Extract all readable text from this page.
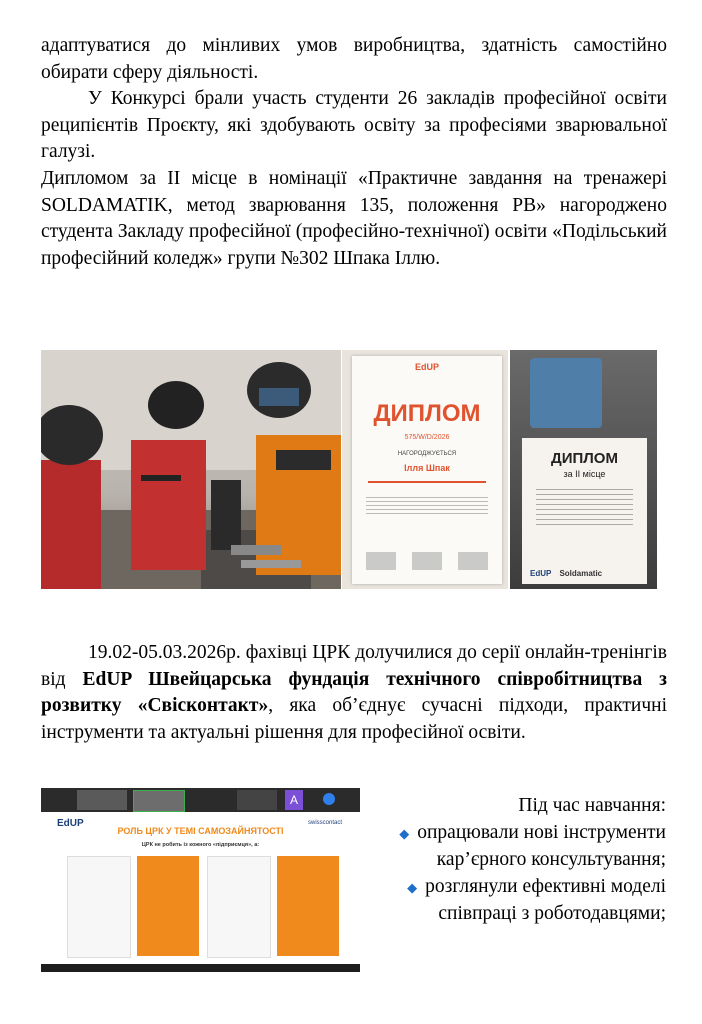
адаптуватися до мінливих умов виробництва, здатність самостійно обирати сферу діяльності.

У Конкурсі брали участь студенти 26 закладів професійної освіти реципієнтів Проєкту, які здобувають освіту за професіями зварювальної галузі.

Дипломом за ІІ місце в номінації «Практичне завдання на тренажері SOLDAMATIK, метод зварювання 135, положення PB» нагороджено студента Закладу професійної (професійно-технічної) освіти «Подільський професійний коледж» групи №302 Шпака Іллю.

EdUP
ДИПЛОМ
575/W/D/2026
НАГОРОДЖУЄТЬСЯ
Ілля Шпак
ДИПЛОМ
за ІІ місце
EdUP Soldamatic

19.02-05.03.2026р. фахівці ЦРК долучилися до серії онлайн-тренінгів від EdUP Швейцарська фундація технічного співробітництва з розвитку «Свісконтакт», яка об’єднує сучасні підходи, практичні інструменти та актуальні рішення для професійної освіти.

A
EdUP	swisscontact
РОЛЬ ЦРК У ТЕМІ САМОЗАЙНЯТОСТІ
ЦРК не робить із кожного «підприємця», а:

Під час навчання:

◆ опрацювали нові інструменти кар’єрного консультування;

◆ розглянули ефективні моделі співпраці з роботодавцями;
